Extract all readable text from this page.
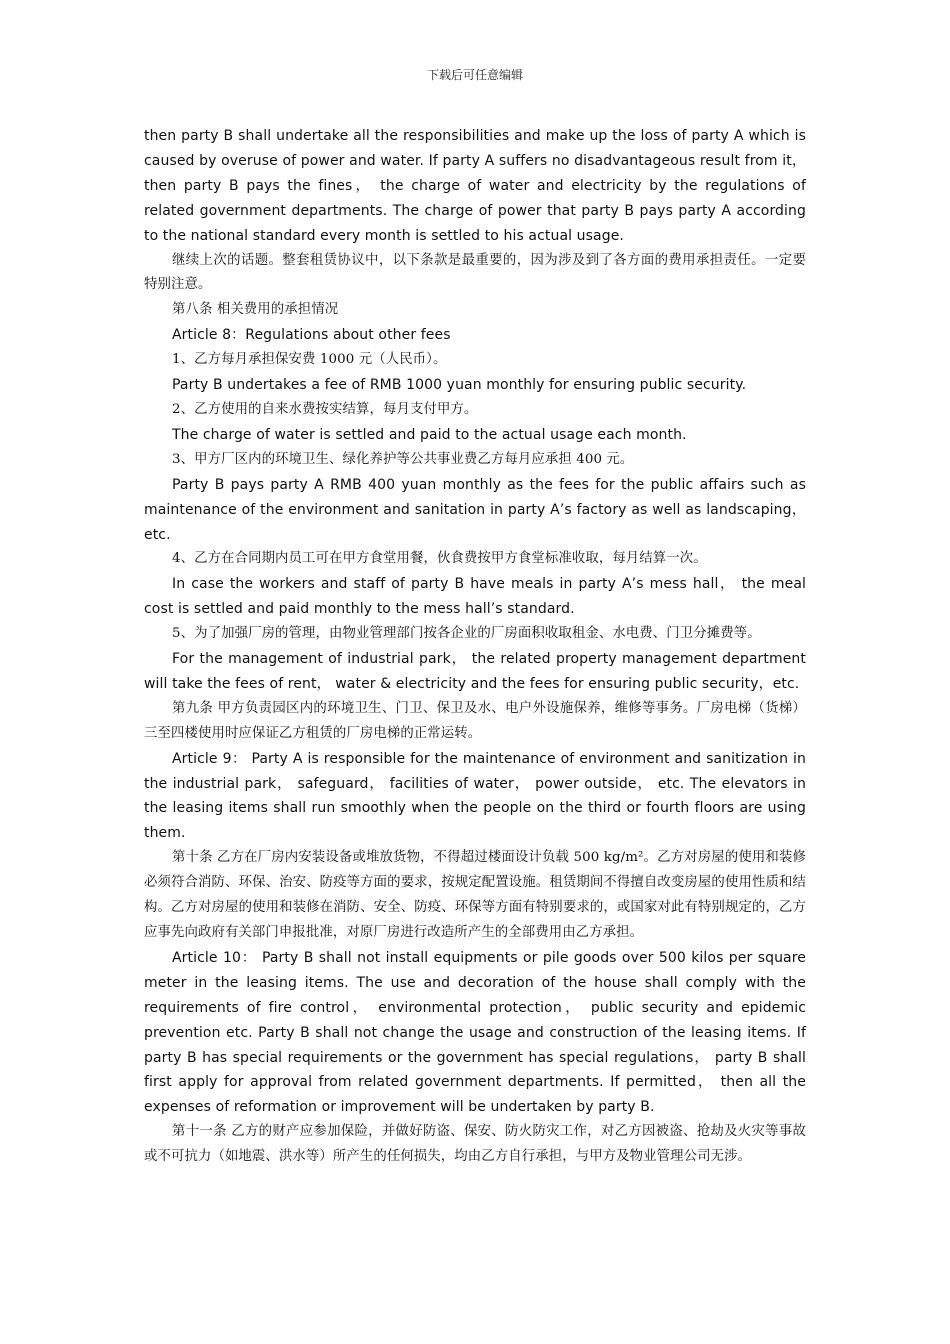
下载后可任意编辑

then party B shall undertake all the responsibilities and make up the loss of party A which is caused by overuse of power and water. If party A suffers no disadvantageous result from it， then party B pays the fines， the charge of water and electricity by the regulations of related government departments. The charge of power that party B pays party A according to the national standard every month is settled to his actual usage.

继续上次的话题。整套租赁协议中，以下条款是最重要的，因为涉及到了各方面的费用承担责任。一定要特别注意。

第八条 相关费用的承担情况

Article 8：Regulations about other fees

1、乙方每月承担保安费 1000 元（人民币）。

Party B undertakes a fee of RMB 1000 yuan monthly for ensuring public security.

2、乙方使用的自来水费按实结算，每月支付甲方。

The charge of water is settled and paid to the actual usage each month.

3、甲方厂区内的环境卫生、绿化养护等公共事业费乙方每月应承担 400 元。

Party B pays party A RMB 400 yuan monthly as the fees for the public affairs such as maintenance of the environment and sanitation in party A’s factory as well as landscaping， etc.

4、乙方在合同期内员工可在甲方食堂用餐，伙食费按甲方食堂标准收取，每月结算一次。

In case the workers and staff of party B have meals in party A’s mess hall， the meal cost is settled and paid monthly to the mess hall’s standard.

5、为了加强厂房的管理，由物业管理部门按各企业的厂房面积收取租金、水电费、门卫分摊费等。

For the management of industrial park， the related property management department will take the fees of rent， water & electricity and the fees for ensuring public security，etc.

第九条 甲方负责园区内的环境卫生、门卫、保卫及水、电户外设施保养，维修等事务。厂房电梯（货梯）三至四楼使用时应保证乙方租赁的厂房电梯的正常运转。

Article 9： Party A is responsible for the maintenance of environment and sanitization in the industrial park， safeguard， facilities of water， power outside， etc. The elevators in the leasing items shall run smoothly when the people on the third or fourth floors are using them.

第十条 乙方在厂房内安装设备或堆放货物，不得超过楼面设计负载 500 kg/m²。乙方对房屋的使用和装修必须符合消防、环保、治安、防疫等方面的要求，按规定配置设施。租赁期间不得擅自改变房屋的使用性质和结构。乙方对房屋的使用和装修在消防、安全、防疫、环保等方面有特别要求的，或国家对此有特别规定的，乙方应事先向政府有关部门申报批准，对原厂房进行改造所产生的全部费用由乙方承担。

Article 10： Party B shall not install equipments or pile goods over 500 kilos per square meter in the leasing items. The use and decoration of the house shall comply with the requirements of fire control， environmental protection， public security and epidemic prevention etc. Party B shall not change the usage and construction of the leasing items. If party B has special requirements or the government has special regulations， party B shall first apply for approval from related government departments. If permitted， then all the expenses of reformation or improvement will be undertaken by party B.

第十一条 乙方的财产应参加保险，并做好防盗、保安、防火防灾工作，对乙方因被盗、抢劫及火灾等事故或不可抗力（如地震、洪水等）所产生的任何损失，均由乙方自行承担，与甲方及物业管理公司无涉。
